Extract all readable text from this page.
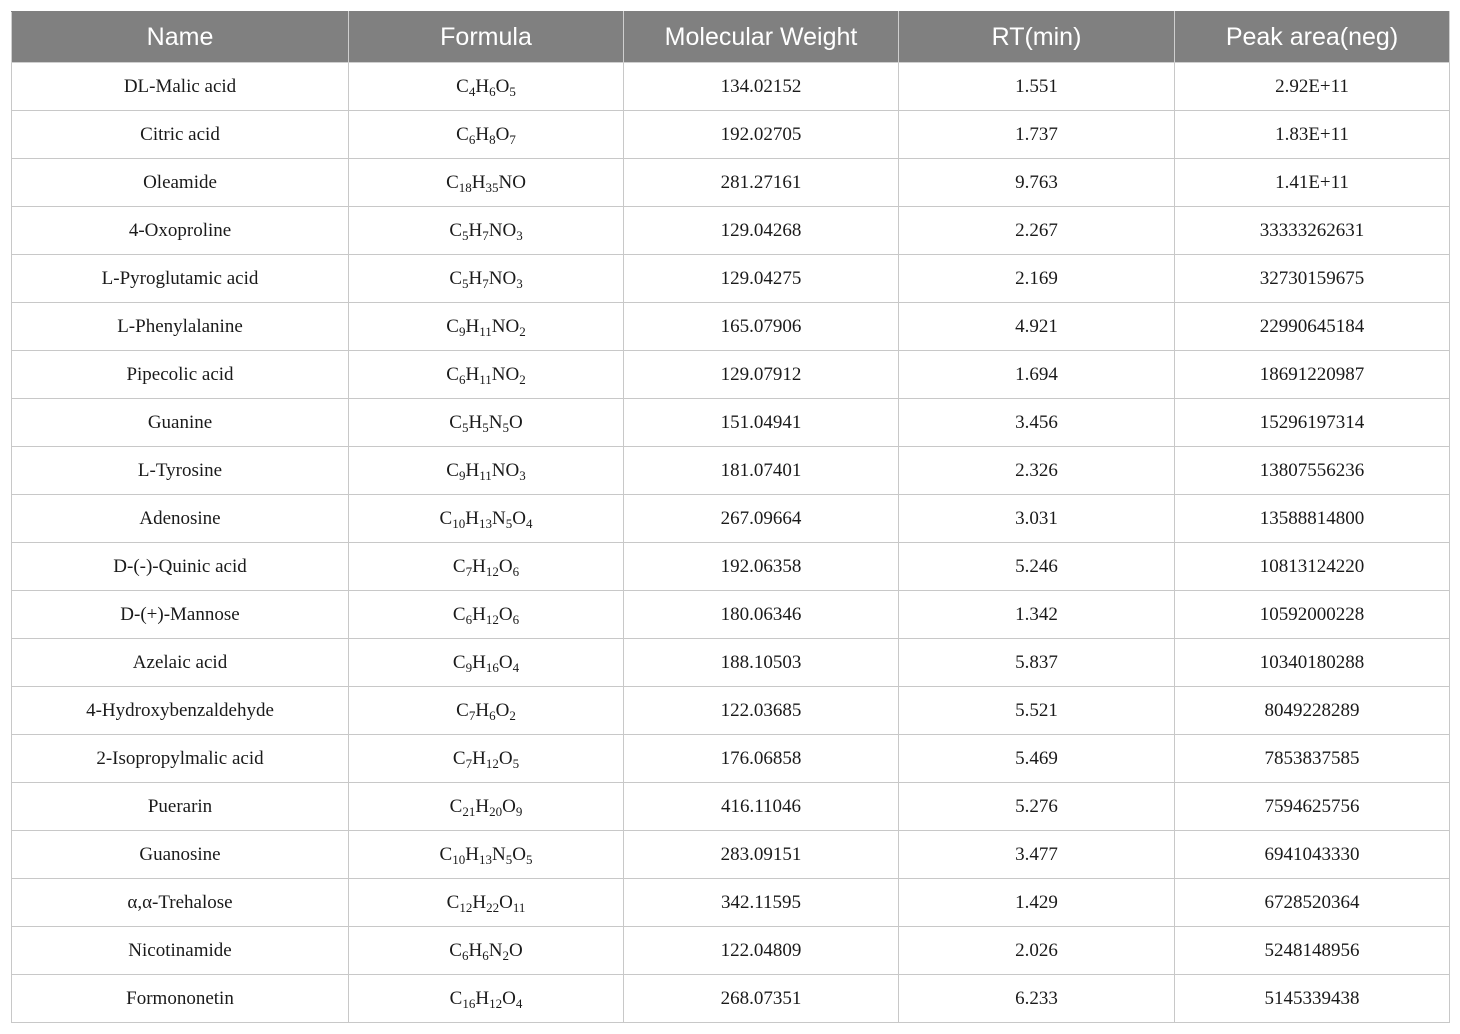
Name	Formula	Molecular Weight	RT(min)	Peak area(neg)
DL-Malic acid	$C_4H_6O_5$	134.02152	1.551	2.92E+11
Citric acid	$C_6H_8O_7$	192.02705	1.737	1.83E+11
Oleamide	$C_{18}H_{35}NO$	281.27161	9.763	1.41E+11
4-Oxoproline	$C_5H_7NO_3$	129.04268	2.267	33333262631
L-Pyroglutamic acid	$C_5H_7NO_3$	129.04275	2.169	32730159675
L-Phenylalanine	$C_9H_{11}NO_2$	165.07906	4.921	22990645184
Pipecolic acid	$C_6H_{11}NO_2$	129.07912	1.694	18691220987
Guanine	$C_5H_5N_5O$	151.04941	3.456	15296197314
L-Tyrosine	$C_9H_{11}NO_3$	181.07401	2.326	13807556236
Adenosine	$C_{10}H_{13}N_5O_4$	267.09664	3.031	13588814800
D-(-)-Quinic acid	$C_7H_{12}O_6$	192.06358	5.246	10813124220
D-(+)-Mannose	$C_6H_{12}O_6$	180.06346	1.342	10592000228
Azelaic acid	$C_9H_{16}O_4$	188.10503	5.837	10340180288
4-Hydroxybenzaldehyde	$C_7H_6O_2$	122.03685	5.521	8049228289
2-Isopropylmalic acid	$C_7H_{12}O_5$	176.06858	5.469	7853837585
Puerarin	$C_{21}H_{20}O_9$	416.11046	5.276	7594625756
Guanosine	$C_{10}H_{13}N_5O_5$	283.09151	3.477	6941043330
α,α-Trehalose	$C_{12}H_{22}O_{11}$	342.11595	1.429	6728520364
Nicotinamide	$C_6H_6N_2O$	122.04809	2.026	5248148956
Formononetin	$C_{16}H_{12}O_4$	268.07351	6.233	5145339438
